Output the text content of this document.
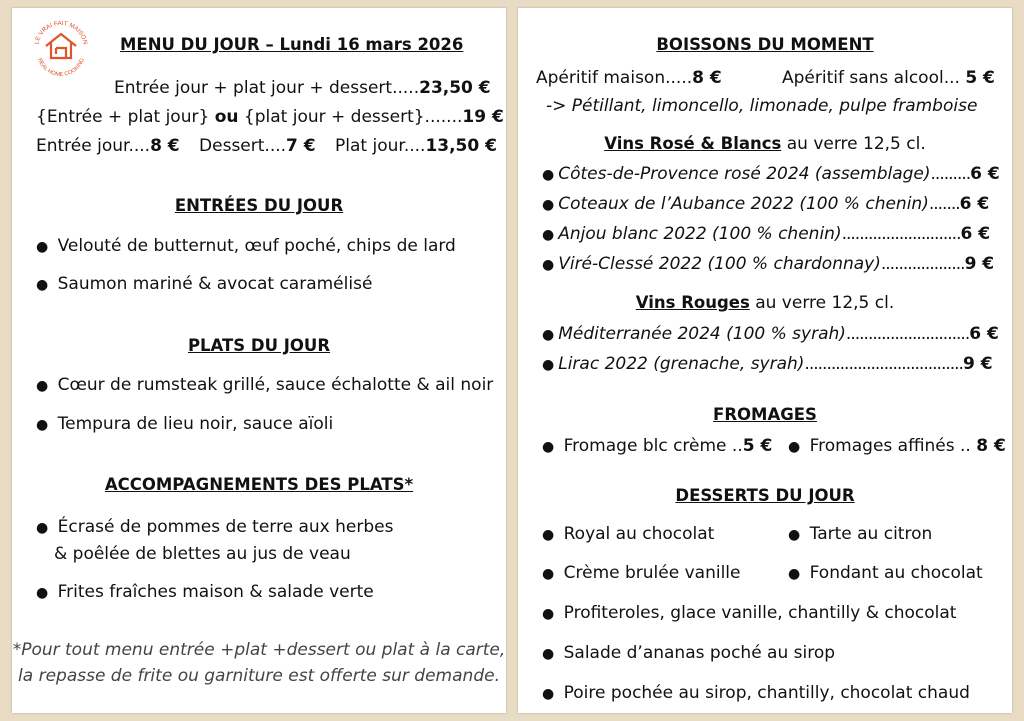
LE VRAI FAIT MAISON
REAL HOME COOKING
MENU DU JOUR – Lundi 16 mars 2026
Entrée jour + plat jour + dessert.....23,50 €
{Entrée + plat jour} ou {plat jour + dessert}.......19 €
Entrée jour....8 € Dessert....7 € Plat jour....13,50 €
ENTRÉES DU JOUR
● Velouté de butternut, œuf poché, chips de lard
● Saumon mariné & avocat caramélisé
PLATS DU JOUR
● Cœur de rumsteak grillé, sauce échalotte & ail noir
● Tempura de lieu noir, sauce aïoli
ACCOMPAGNEMENTS DES PLATS*
● Écrasé de pommes de terre aux herbes
& poêlée de blettes au jus de veau
● Frites fraîches maison & salade verte
*Pour tout menu entrée +plat +dessert ou plat à la carte,
la repasse de frite ou garniture est offerte sur demande.
BOISSONS DU MOMENT
Apéritif maison.....8 €	Apéritif sans alcool... 5 €
-> Pétillant, limoncello, limonade, pulpe framboise
Vins Rosé & Blancs au verre 12,5 cl.
● Côtes-de-Provence rosé 2024 (assemblage).........6 €
● Coteaux de l’Aubance 2022 (100 % chenin).......6 €
● Anjou blanc 2022 (100 % chenin)...........................6 €
● Viré-Clessé 2022 (100 % chardonnay)...................9 €
Vins Rouges au verre 12,5 cl.
● Méditerranée 2024 (100 % syrah)............................6 €
● Lirac 2022 (grenache, syrah)....................................9 €
FROMAGES
● Fromage blc crème ..5 € ● Fromages affinés .. 8 €
DESSERTS DU JOUR
● Royal au chocolat	● Tarte au citron
● Crème brulée vanille	● Fondant au chocolat
● Profiteroles, glace vanille, chantilly & chocolat
● Salade d’ananas poché au sirop
● Poire pochée au sirop, chantilly, chocolat chaud
